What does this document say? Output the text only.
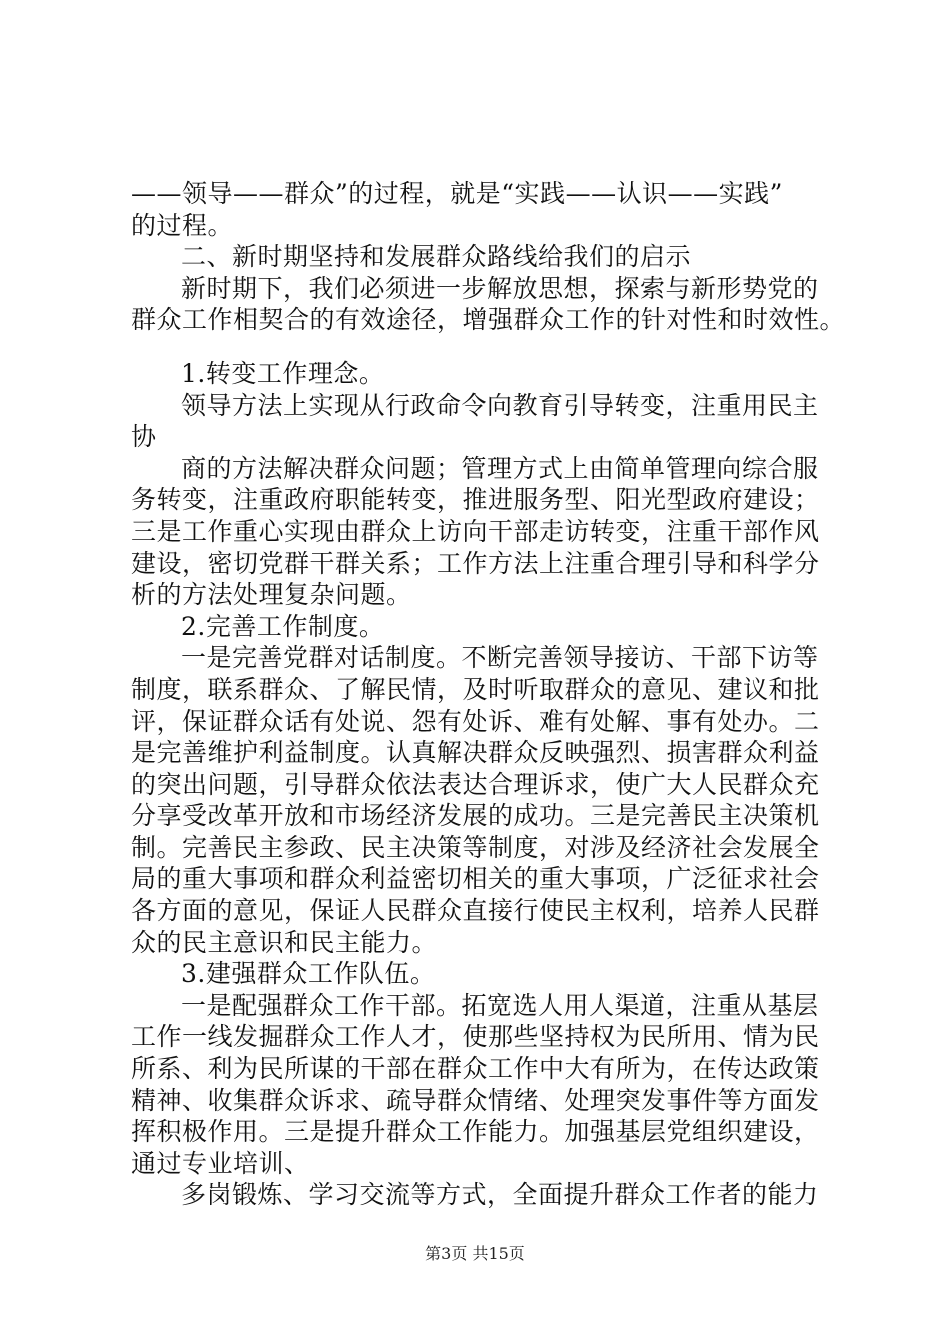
——领导——群众”的过程，就是“实践——认识——实践”
的过程。
二、新时期坚持和发展群众路线给我们的启示
新时期下，我们必须进一步解放思想，探索与新形势党的
群众工作相契合的有效途径，增强群众工作的针对性和时效性。
1.转变工作理念。
领导方法上实现从行政命令向教育引导转变，注重用民主
协
商的方法解决群众问题；管理方式上由简单管理向综合服
务转变，注重政府职能转变，推进服务型、阳光型政府建设；
三是工作重心实现由群众上访向干部走访转变，注重干部作风
建设，密切党群干群关系；工作方法上注重合理引导和科学分
析的方法处理复杂问题。
2.完善工作制度。
一是完善党群对话制度。不断完善领导接访、干部下访等
制度，联系群众、了解民情，及时听取群众的意见、建议和批
评，保证群众话有处说、怨有处诉、难有处解、事有处办。二
是完善维护利益制度。认真解决群众反映强烈、损害群众利益
的突出问题，引导群众依法表达合理诉求，使广大人民群众充
分享受改革开放和市场经济发展的成功。三是完善民主决策机
制。完善民主参政、民主决策等制度，对涉及经济社会发展全
局的重大事项和群众利益密切相关的重大事项，广泛征求社会
各方面的意见，保证人民群众直接行使民主权利，培养人民群
众的民主意识和民主能力。
3.建强群众工作队伍。
一是配强群众工作干部。拓宽选人用人渠道，注重从基层
工作一线发掘群众工作人才，使那些坚持权为民所用、情为民
所系、利为民所谋的干部在群众工作中大有所为，在传达政策
精神、收集群众诉求、疏导群众情绪、处理突发事件等方面发
挥积极作用。三是提升群众工作能力。加强基层党组织建设，
通过专业培训、
多岗锻炼、学习交流等方式，全面提升群众工作者的能力
第3页 共15页
